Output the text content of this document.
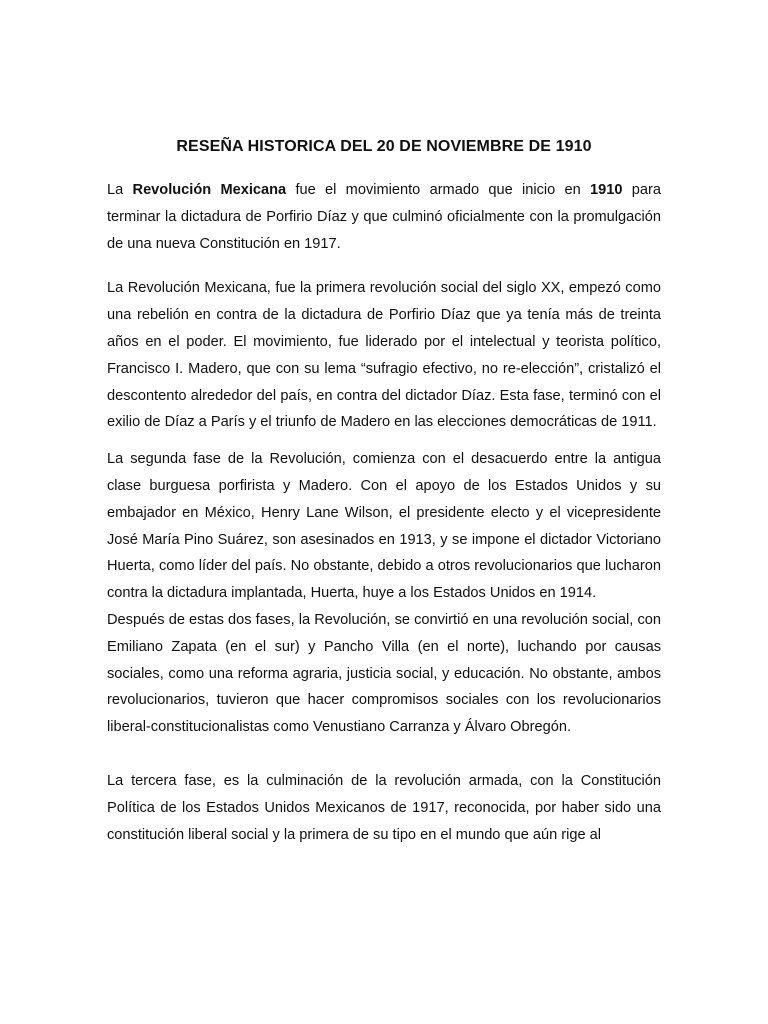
RESEÑA HISTORICA DEL 20 DE NOVIEMBRE DE 1910

La Revolución Mexicana fue el movimiento armado que inicio en 1910 para terminar la dictadura de Porfirio Díaz y que culminó oficialmente con la promulgación de una nueva Constitución en 1917.

La Revolución Mexicana, fue la primera revolución social del siglo XX, empezó como una rebelión en contra de la dictadura de Porfirio Díaz que ya tenía más de treinta años en el poder. El movimiento, fue liderado por el intelectual y teorista político, Francisco I. Madero, que con su lema “sufragio efectivo, no re-elección”, cristalizó el descontento alrededor del país, en contra del dictador Díaz. Esta fase, terminó con el exilio de Díaz a París y el triunfo de Madero en las elecciones democráticas de 1911.

La segunda fase de la Revolución, comienza con el desacuerdo entre la antigua clase burguesa porfirista y Madero. Con el apoyo de los Estados Unidos y su embajador en México, Henry Lane Wilson, el presidente electo y el vicepresidente José María Pino Suárez, son asesinados en 1913, y se impone el dictador Victoriano Huerta, como líder del país. No obstante, debido a otros revolucionarios que lucharon contra la dictadura implantada, Huerta, huye a los Estados Unidos en 1914.

Después de estas dos fases, la Revolución, se convirtió en una revolución social, con Emiliano Zapata (en el sur) y Pancho Villa (en el norte), luchando por causas sociales, como una reforma agraria, justicia social, y educación. No obstante, ambos revolucionarios, tuvieron que hacer compromisos sociales con los revolucionarios liberal-constitucionalistas como Venustiano Carranza y Álvaro Obregón.

La tercera fase, es la culminación de la revolución armada, con la Constitución Política de los Estados Unidos Mexicanos de 1917, reconocida, por haber sido una constitución liberal social y la primera de su tipo en el mundo que aún rige al
